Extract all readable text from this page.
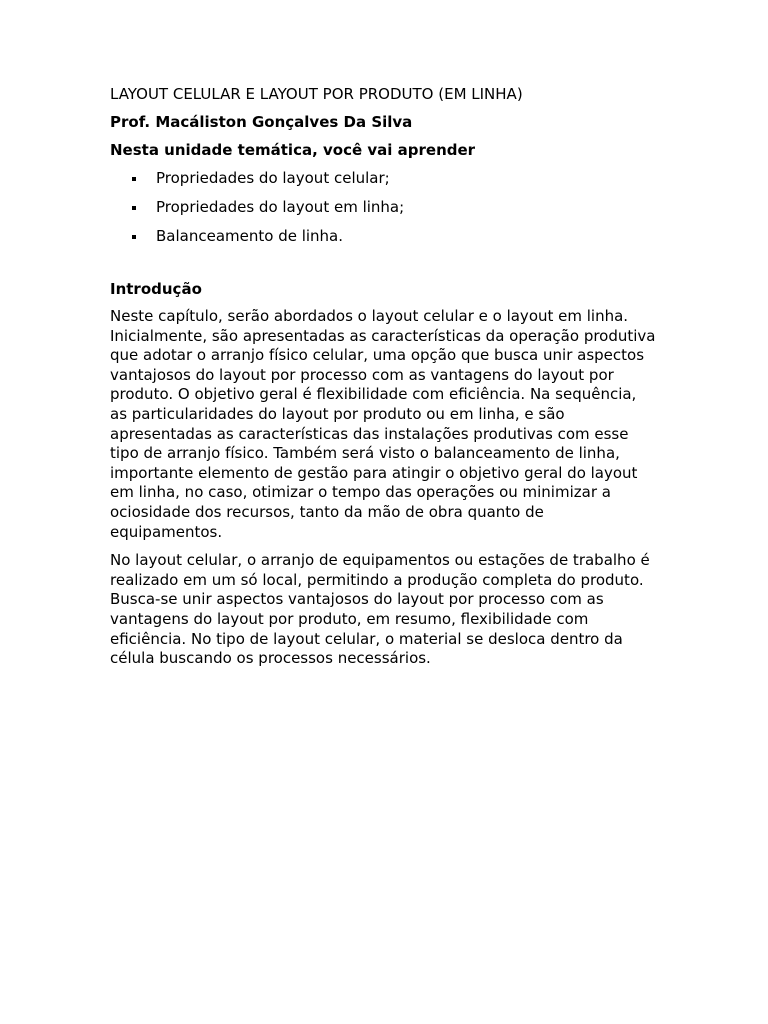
LAYOUT CELULAR E LAYOUT POR PRODUTO (EM LINHA)
Prof. Macáliston Gonçalves Da Silva
Nesta unidade temática, você vai aprender
Propriedades do layout celular;
Propriedades do layout em linha;
Balanceamento de linha.
Introdução

Neste capítulo, serão abordados o layout celular e o layout em linha. Inicialmente, são apresentadas as características da operação produtiva que adotar o arranjo físico celular, uma opção que busca unir aspectos vantajosos do layout por processo com as vantagens do layout por produto. O objetivo geral é flexibilidade com eficiência. Na sequência, as particularidades do layout por produto ou em linha, e são apresentadas as características das instalações produtivas com esse tipo de arranjo físico. Também será visto o balanceamento de linha, importante elemento de gestão para atingir o objetivo geral do layout em linha, no caso, otimizar o tempo das operações ou minimizar a ociosidade dos recursos, tanto da mão de obra quanto de equipamentos.

No layout celular, o arranjo de equipamentos ou estações de trabalho é realizado em um só local, permitindo a produção completa do produto. Busca-se unir aspectos vantajosos do layout por processo com as vantagens do layout por produto, em resumo, flexibilidade com eficiência. No tipo de layout celular, o material se desloca dentro da célula buscando os processos necessários.
